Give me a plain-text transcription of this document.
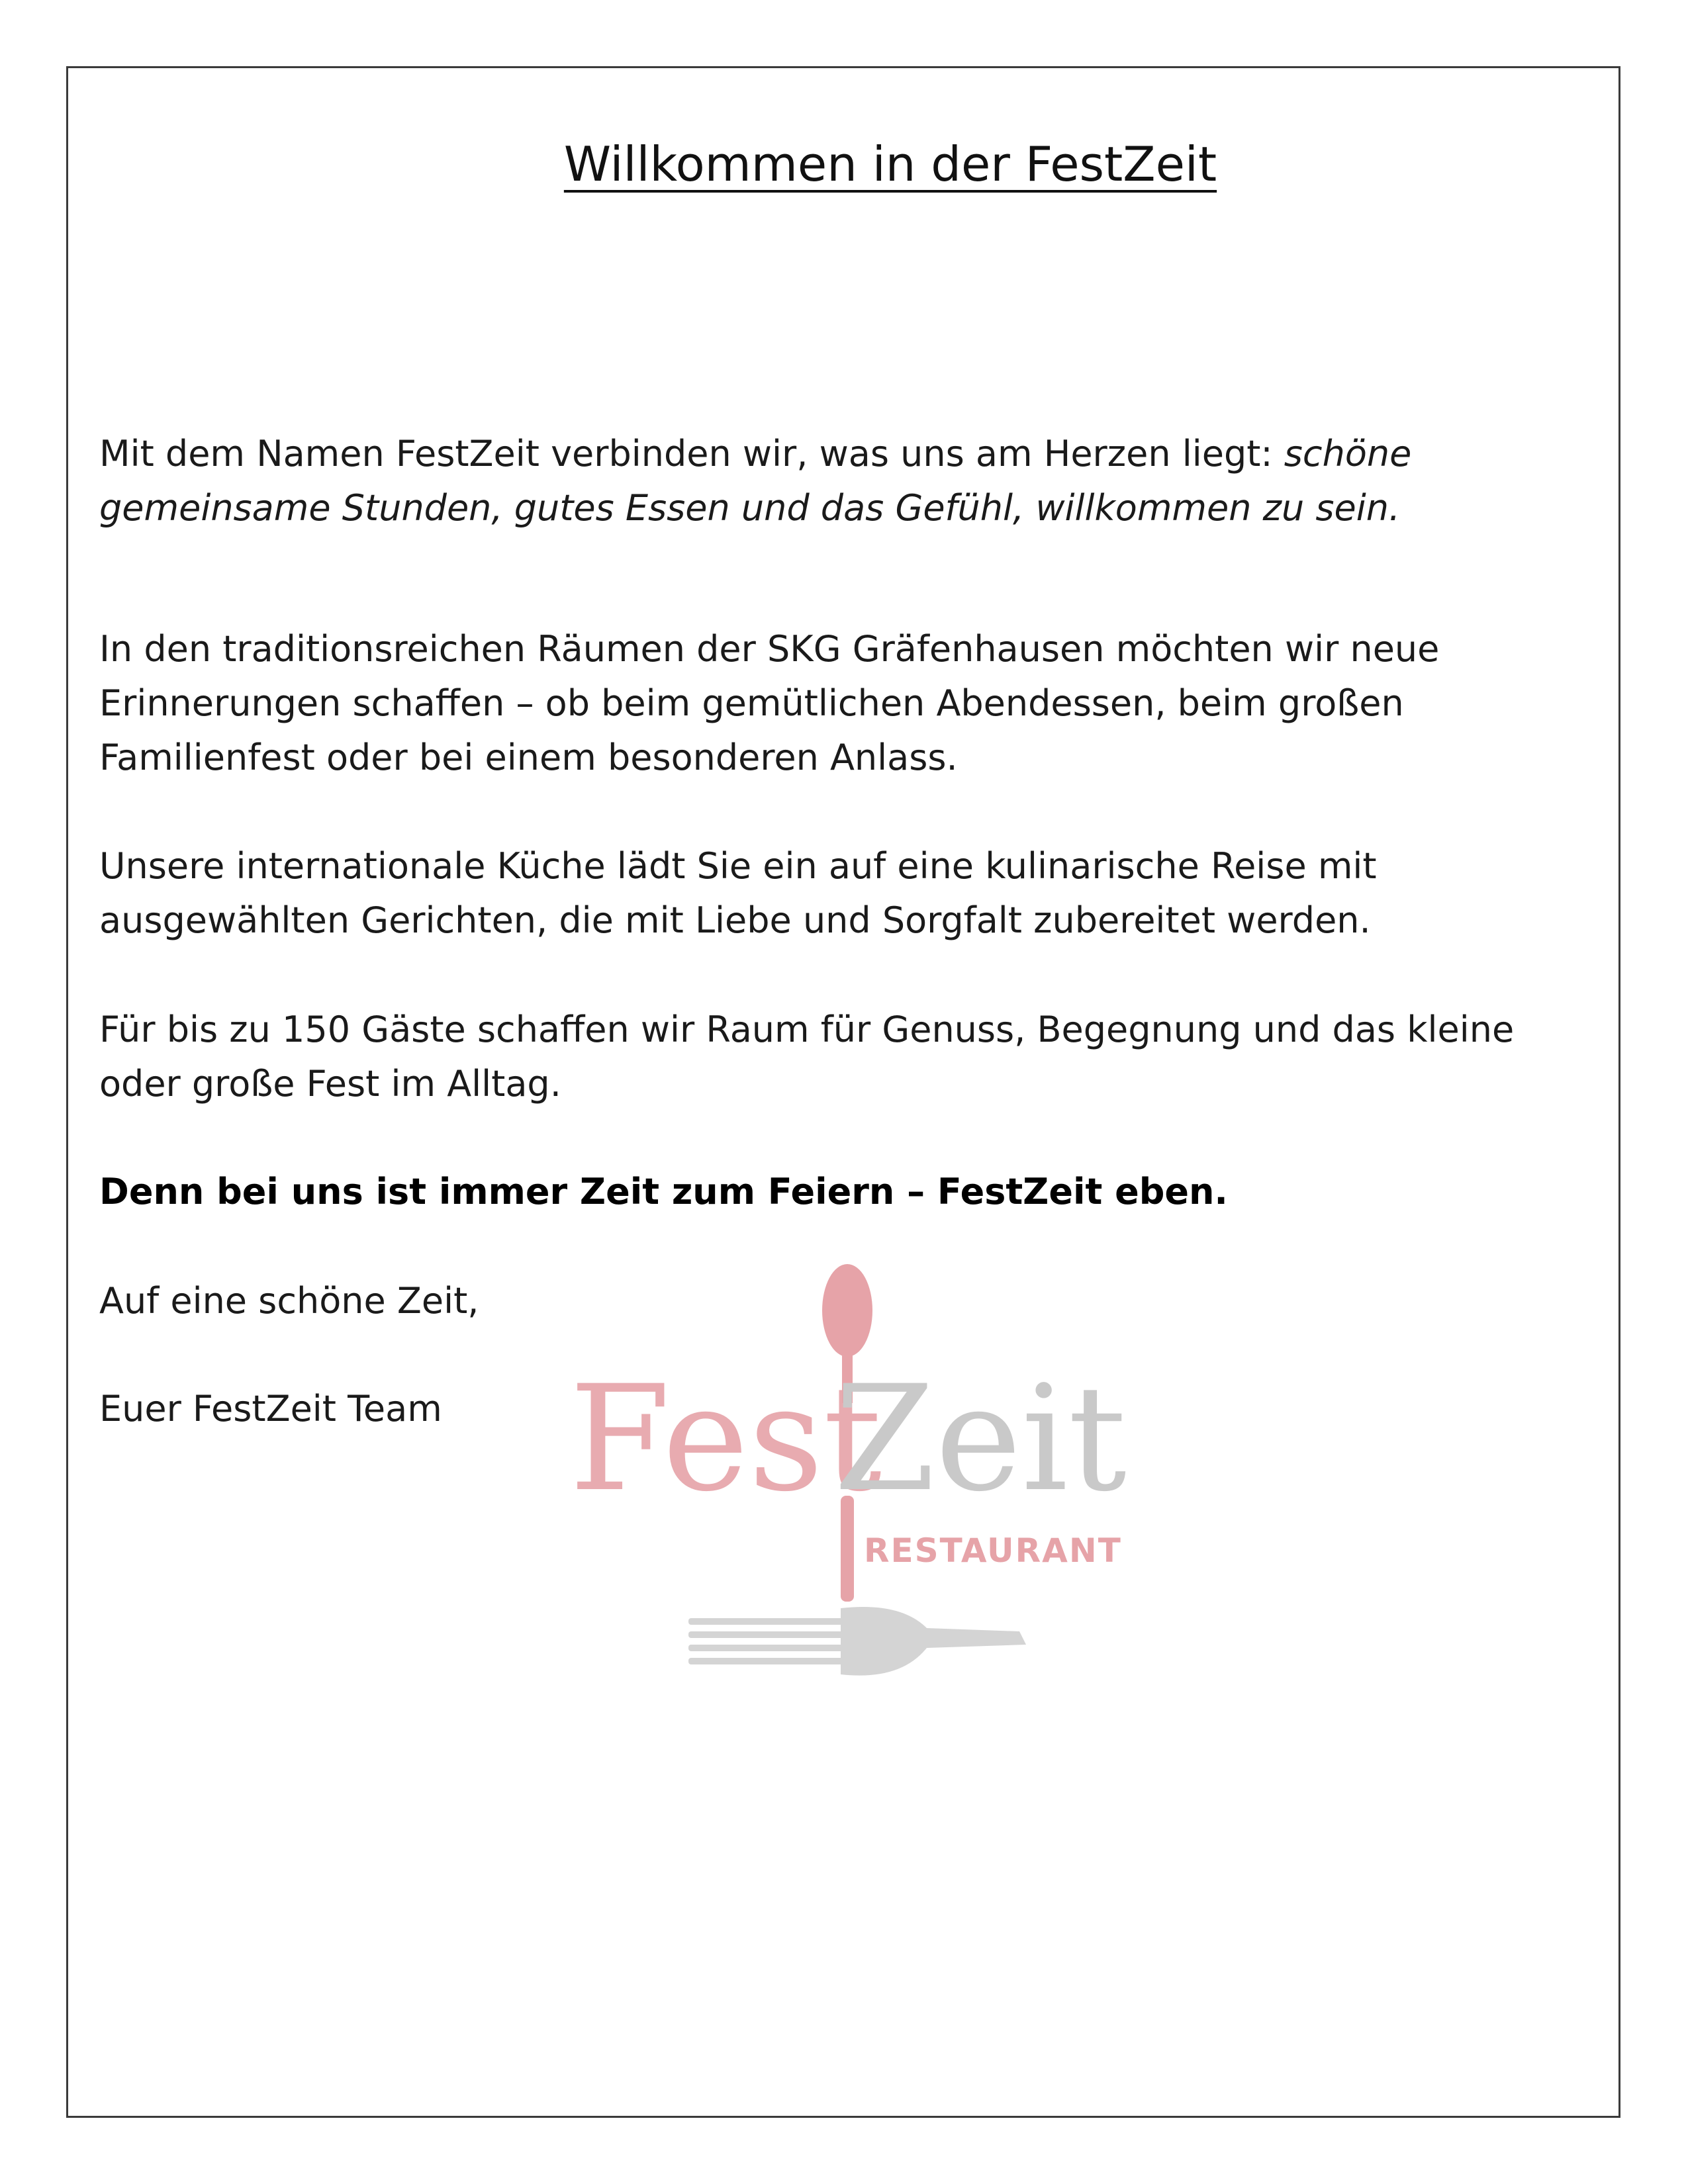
Willkommen in der FestZeit

Mit dem Namen FestZeit verbinden wir, was uns am Herzen liegt: schöne gemeinsame Stunden, gutes Essen und das Gefühl, willkommen zu sein.

In den traditionsreichen Räumen der SKG Gräfenhausen möchten wir neue Erinnerungen schaffen – ob beim gemütlichen Abendessen, beim großen Familienfest oder bei einem besonderen Anlass.

Unsere internationale Küche lädt Sie ein auf eine kulinarische Reise mit ausgewählten Gerichten, die mit Liebe und Sorgfalt zubereitet werden.

Für bis zu 150 Gäste schaffen wir Raum für Genuss, Begegnung und das kleine oder große Fest im Alltag.

Denn bei uns ist immer Zeit zum Feiern – FestZeit eben.

Auf eine schöne Zeit,

Euer FestZeit Team Fest
Zeit
RESTAURANT
